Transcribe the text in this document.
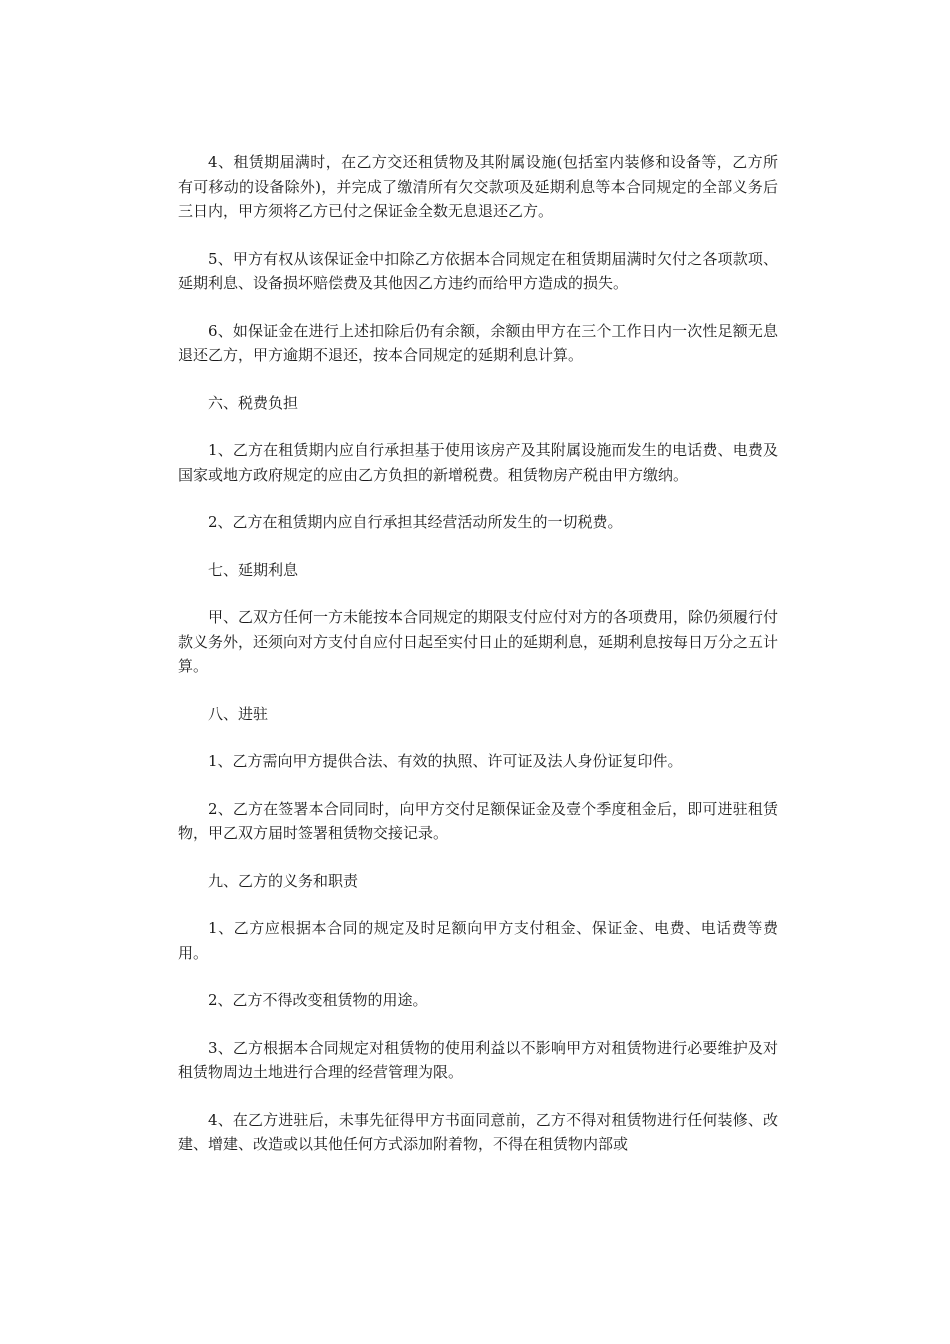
4、租赁期届满时，在乙方交还租赁物及其附属设施(包括室内装修和设备等，乙方所有可移动的设备除外)，并完成了缴清所有欠交款项及延期利息等本合同规定的全部义务后三日内，甲方须将乙方已付之保证金全数无息退还乙方。

5、甲方有权从该保证金中扣除乙方依据本合同规定在租赁期届满时欠付之各项款项、延期利息、设备损坏赔偿费及其他因乙方违约而给甲方造成的损失。

6、如保证金在进行上述扣除后仍有余额，余额由甲方在三个工作日内一次性足额无息退还乙方，甲方逾期不退还，按本合同规定的延期利息计算。

六、税费负担

1、乙方在租赁期内应自行承担基于使用该房产及其附属设施而发生的电话费、电费及国家或地方政府规定的应由乙方负担的新增税费。租赁物房产税由甲方缴纳。

2、乙方在租赁期内应自行承担其经营活动所发生的一切税费。

七、延期利息

甲、乙双方任何一方未能按本合同规定的期限支付应付对方的各项费用，除仍须履行付款义务外，还须向对方支付自应付日起至实付日止的延期利息，延期利息按每日万分之五计算。

八、进驻

1、乙方需向甲方提供合法、有效的执照、许可证及法人身份证复印件。

2、乙方在签署本合同同时，向甲方交付足额保证金及壹个季度租金后，即可进驻租赁物，甲乙双方届时签署租赁物交接记录。

九、乙方的义务和职责

1、乙方应根据本合同的规定及时足额向甲方支付租金、保证金、电费、电话费等费用。

2、乙方不得改变租赁物的用途。

3、乙方根据本合同规定对租赁物的使用利益以不影响甲方对租赁物进行必要维护及对租赁物周边土地进行合理的经营管理为限。

4、在乙方进驻后，未事先征得甲方书面同意前，乙方不得对租赁物进行任何装修、改建、增建、改造或以其他任何方式添加附着物，不得在租赁物内部或
